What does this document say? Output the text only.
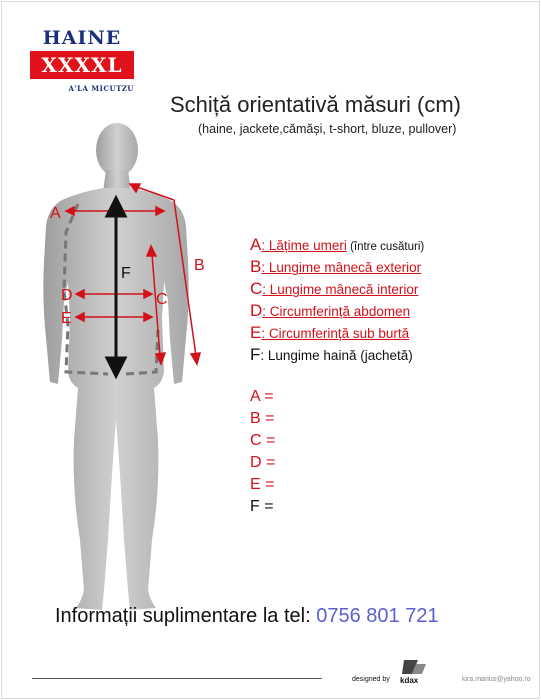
HAINE
XXXXL
A'LA MICUTZU
Schiță orientativă măsuri (cm)
(haine, jackete,cămăși, t-short, bluze, pullover)
A
B
C
D
E
F
A: Lățime umeri (între cusături)
B: Lungime mânecă exterior
C: Lungime mânecă interior
D: Circumferință abdomen
E: Circumferință sub burtă
F: Lungime haină (jachetă)
A =
B =
C =
D =
E =
F =
Informații suplimentare la tel: 0756 801 721
designed by kdax	kira.marius@yahoo.ro
